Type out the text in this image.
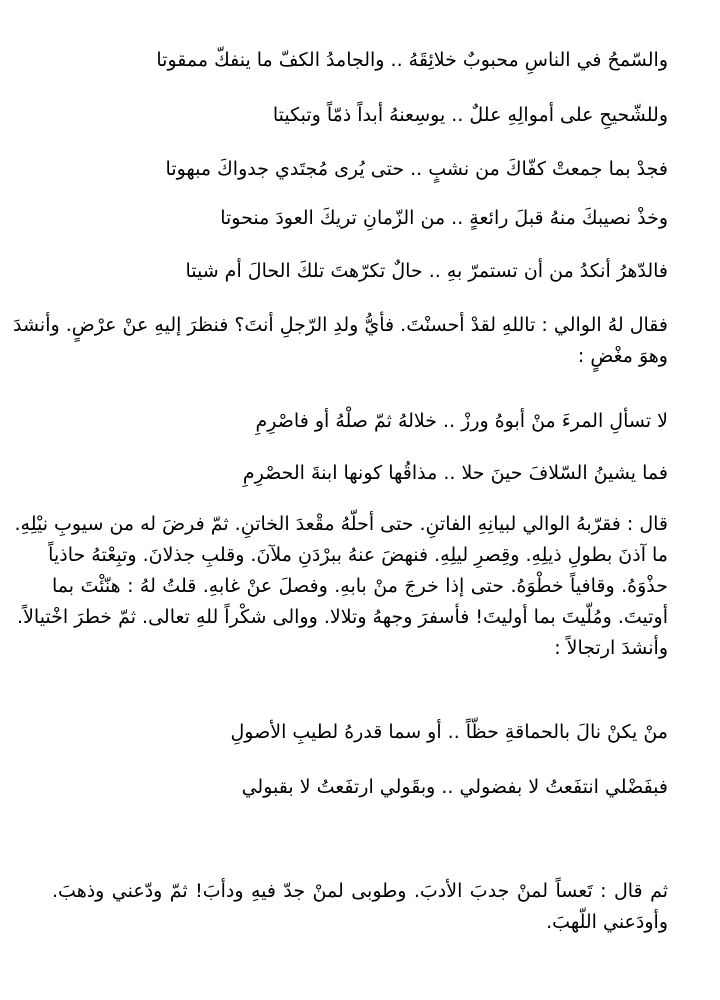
والسّمحُ في الناسِ محبوبٌ خلائِقَهُ .. والجامدُ الكفّ ما ينفكّ ممقوتا
وللشّحيحِ على أموالِهِ عللٌ .. يوسِعنهُ أبداً ذمّاً وتبكيتا
فجدْ بما جمعتْ كفّاكَ من نشبٍ .. حتى يُرى مُجتَدي جدواكَ مبهوتا
وخذْ نصيبكَ منهُ قبلَ رائعةٍ .. من الزّمانِ تريكَ العودَ منحوتا
فالدّهرُ أنكدُ من أن تستمرّ بهِ .. حالٌ تكرّهتَ تلكَ الحالَ أم شيتا
فقال لهُ الوالي : تاللهِ لقدْ أحسنْتَ. فأيُّ ولدِ الرّجلِ أنتَ؟ فنظرَ إليهِ عنْ عرْضٍ. وأنشدَ
وهوَ مغْضٍ :
لا تسألِ المرءَ منْ أبوهُ ورزْ .. خلالهُ ثمّ صلْهُ أو فاصْرِمِ
فما يشينُ السّلافَ حينَ حلا .. مذاقُها كونها ابنةَ الحصْرِمِ
قال : فقرّبهُ الوالي لبيانِهِ الفاتنِ. حتى أحلّهُ مقْعدَ الخاتنِ. ثمّ فرضَ له من سيوبِ نيْلِهِ.
ما آذنَ بطولِ ذيلِهِ. وقِصرِ ليلِهِ. فنهضَ عنهُ ببرْدَنِ ملآنَ. وقلبِ جذلانَ. وتبِعْتهُ حاذياً
حذْوَهُ. وقافياً خطْوَهُ. حتى إذا خرجَ منْ بابهِ. وفصلَ عنْ غابهِ. قلتُ لهُ : هنّئْتَ بما
أوتيتَ. ومُلّيتَ بما أوليتَ! فأسفرَ وجههُ وتلالا. ووالى شكْراً للهِ تعالى. ثمّ خطرَ اخْتيالاً.
وأنشدَ ارتجالاً :
منْ يكنْ نالَ بالحماقةِ حظّاً .. أو سما قدرهُ لطيبِ الأصولِ
فبفَضْلي انتفَعتُ لا بفضولي .. وبقَولي ارتفَعتُ لا بقبولي
ثم قال : تَعساً لمنْ جدبَ الأدبَ. وطوبى لمنْ جدّ فيهِ ودأبَ! ثمّ ودّعني وذهبَ.
وأودَعني اللّهبَ.
